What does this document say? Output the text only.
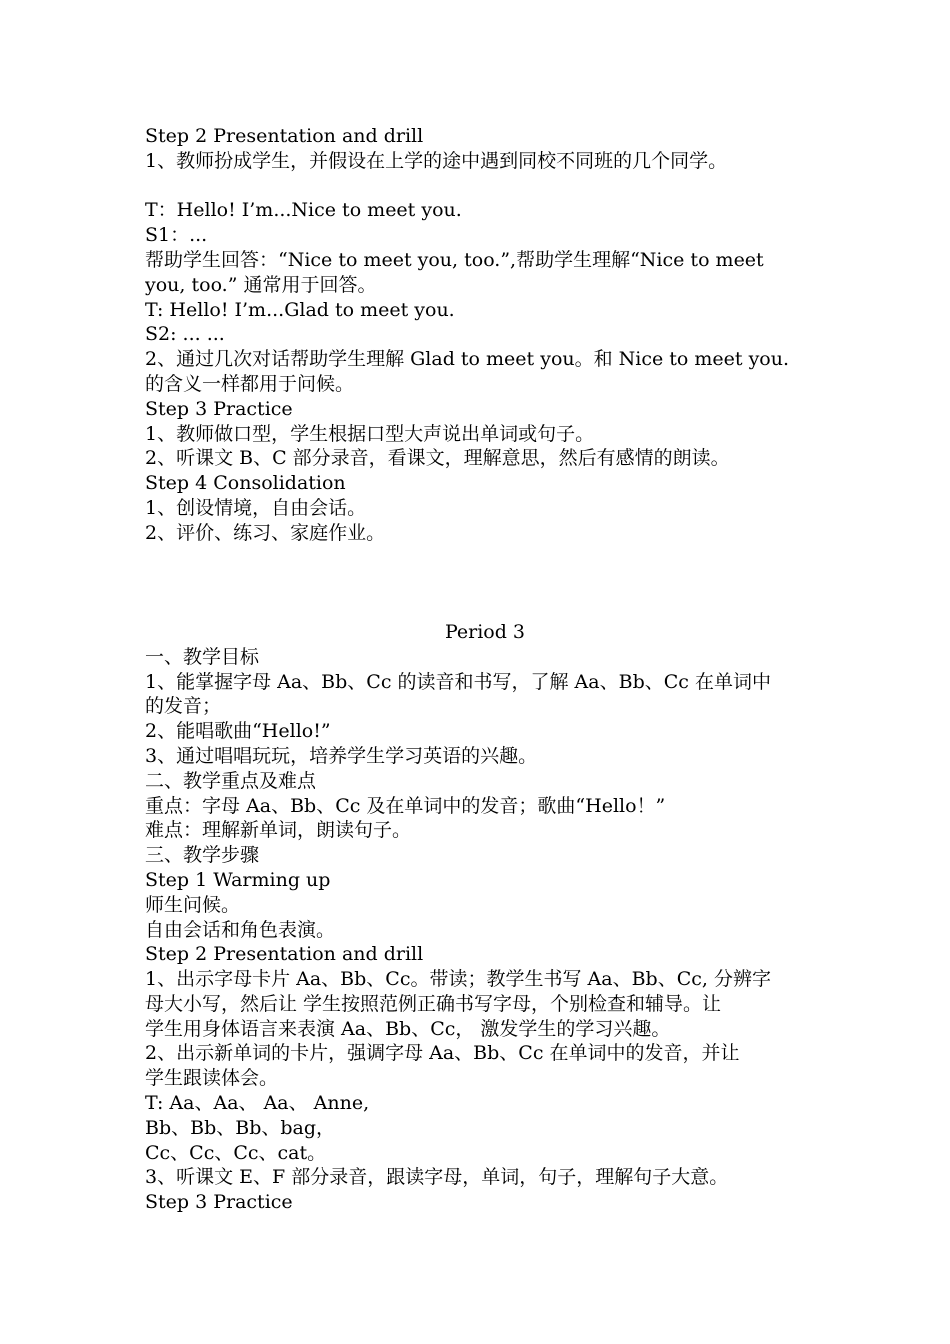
Step 2 Presentation and drill
1、教师扮成学生，并假设在上学的途中遇到同校不同班的几个同学。
T：Hello! I’m...Nice to meet you.
S1：...
帮助学生回答：“Nice to meet you, too.”,帮助学生理解“Nice to meet
you, too.” 通常用于回答。
T: Hello! I’m...Glad to meet you.
S2: ... ...
2、通过几次对话帮助学生理解 Glad to meet you。和 Nice to meet you.
的含义一样都用于问候。
Step 3 Practice
1、教师做口型，学生根据口型大声说出单词或句子。
2、听课文 B、C 部分录音，看课文，理解意思，然后有感情的朗读。
Step 4 Consolidation
1、创设情境，自由会话。
2、评价、练习、家庭作业。
Period 3
一、教学目标
1、能掌握字母 Aa、Bb、Cc 的读音和书写，了解 Aa、Bb、Cc 在单词中
的发音；
2、能唱歌曲“Hello!”
3、通过唱唱玩玩，培养学生学习英语的兴趣。
二、教学重点及难点
重点：字母 Aa、Bb、Cc 及在单词中的发音；歌曲“Hello！”
难点：理解新单词，朗读句子。
三、教学步骤
Step 1 Warming up
师生问候。
自由会话和角色表演。
Step 2 Presentation and drill
1、出示字母卡片 Aa、Bb、Cc。带读；教学生书写 Aa、Bb、Cc, 分辨字
母大小写，然后让 学生按照范例正确书写字母，个别检查和辅导。让
学生用身体语言来表演 Aa、Bb、Cc， 激发学生的学习兴趣。
2、出示新单词的卡片，强调字母 Aa、Bb、Cc 在单词中的发音，并让
学生跟读体会。
T: Aa、Aa、 Aa、 Anne,
Bb、Bb、Bb、bag，
Cc、Cc、Cc、cat。
3、听课文 E、F 部分录音，跟读字母，单词，句子，理解句子大意。
Step 3 Practice
